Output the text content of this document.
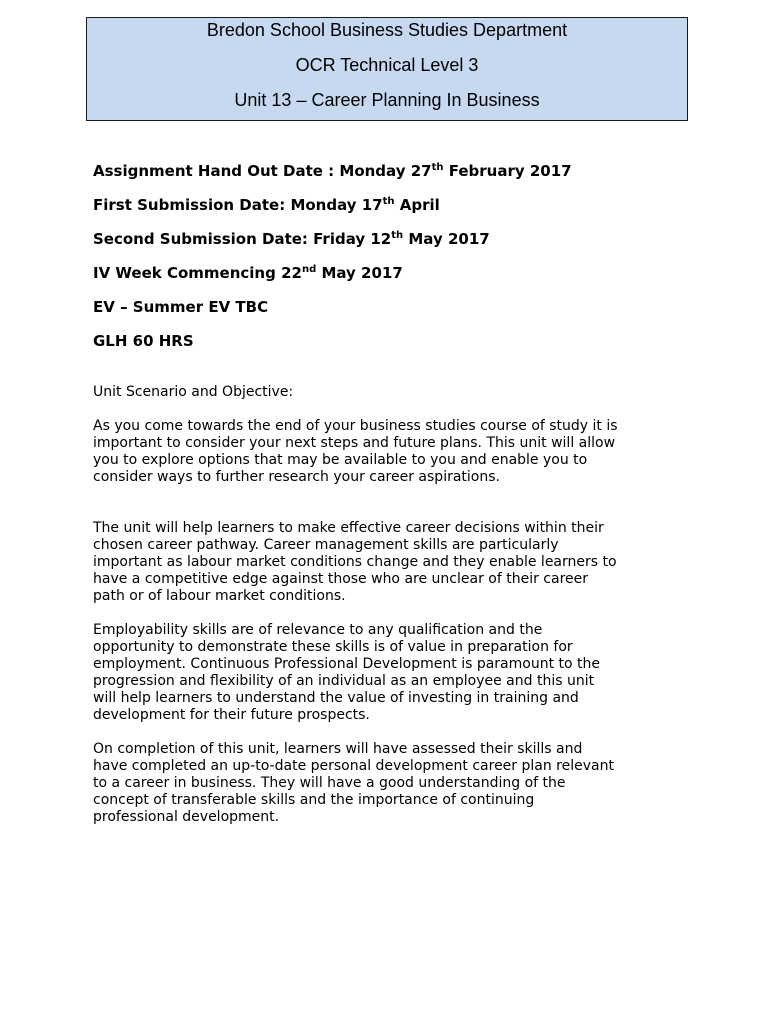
Bredon School Business Studies Department
OCR Technical Level 3
Unit 13 – Career Planning In Business
Assignment Hand Out Date : Monday 27th February 2017
First Submission Date: Monday 17th April
Second Submission Date: Friday 12th May 2017
IV Week Commencing 22nd May 2017
EV – Summer EV TBC
GLH 60 HRS
Unit Scenario and Objective:
As you come towards the end of your business studies course of study it is
important to consider your next steps and future plans. This unit will allow
you to explore options that may be available to you and enable you to
consider ways to further research your career aspirations.
The unit will help learners to make effective career decisions within their
chosen career pathway. Career management skills are particularly
important as labour market conditions change and they enable learners to
have a competitive edge against those who are unclear of their career
path or of labour market conditions.
Employability skills are of relevance to any qualification and the
opportunity to demonstrate these skills is of value in preparation for
employment. Continuous Professional Development is paramount to the
progression and flexibility of an individual as an employee and this unit
will help learners to understand the value of investing in training and
development for their future prospects.
On completion of this unit, learners will have assessed their skills and
have completed an up-to-date personal development career plan relevant
to a career in business. They will have a good understanding of the
concept of transferable skills and the importance of continuing
professional development.
